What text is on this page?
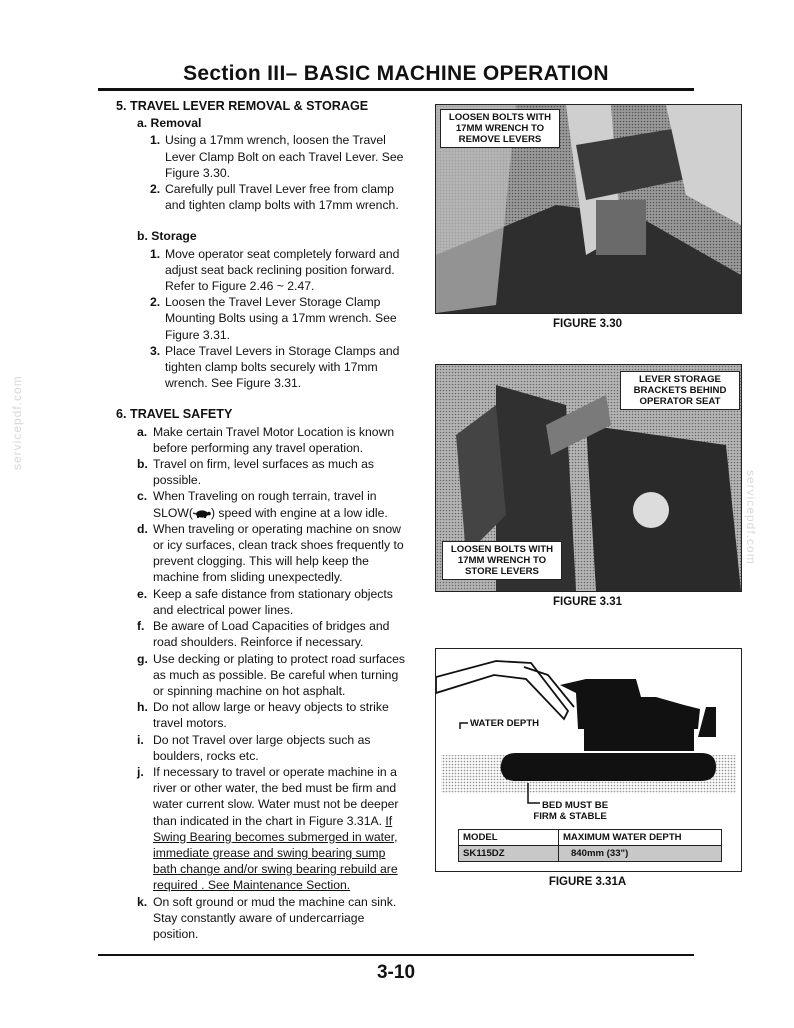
Section III– BASIC MACHINE OPERATION
servicepdf.com
servicepdf.com
5. TRAVEL LEVER REMOVAL & STORAGE
a. Removal
1. Using a 17mm wrench, loosen the Travel Lever Clamp Bolt on each Travel Lever. See Figure 3.30.
2. Carefully pull Travel Lever free from clamp and tighten clamp bolts with 17mm wrench.
b. Storage
1. Move operator seat completely forward and adjust seat back reclining position forward. Refer to Figure 2.46 ~ 2.47.
2. Loosen the Travel Lever Storage Clamp Mounting Bolts using a 17mm wrench. See Figure 3.31.
3. Place Travel Levers in Storage Clamps and tighten clamp bolts securely with 17mm wrench. See Figure 3.31.
6. TRAVEL SAFETY
a. Make certain Travel Motor Location is known before performing any travel operation.
b. Travel on firm, level surfaces as much as possible.
c. When Traveling on rough terrain, travel in SLOW( ) speed with engine at a low idle.
d. When traveling or operating machine on snow or icy surfaces, clean track shoes frequently to prevent clogging. This will help keep the machine from sliding unexpectedly.
e. Keep a safe distance from stationary objects and electrical power lines.
f. Be aware of Load Capacities of bridges and road shoulders. Reinforce if necessary.
g. Use decking or plating to protect road surfaces as much as possible. Be careful when turning or spinning machine on hot asphalt.
h. Do not allow large or heavy objects to strike travel motors.
i. Do not Travel over large objects such as boulders, rocks etc.
j. If necessary to travel or operate machine in a river or other water, the bed must be firm and water current slow. Water must not be deeper than indicated in the chart in Figure 3.31A. If Swing Bearing becomes submerged in water, immediate grease and swing bearing sump bath change and/or swing bearing rebuild are required . See Maintenance Section.
k. On soft ground or mud the machine can sink. Stay constantly aware of undercarriage position.
LOOSEN BOLTS WITH 17MM WRENCH TO REMOVE LEVERS
FIGURE 3.30
LEVER STORAGE BRACKETS BEHIND OPERATOR SEAT
LOOSEN BOLTS WITH 17MM WRENCH TO STORE LEVERS
FIGURE 3.31
WATER DEPTH
BED MUST BE
FIRM & STABLE
MODEL	MAXIMUM WATER DEPTH
SK115DZ	840mm (33")
FIGURE 3.31A
3-10
